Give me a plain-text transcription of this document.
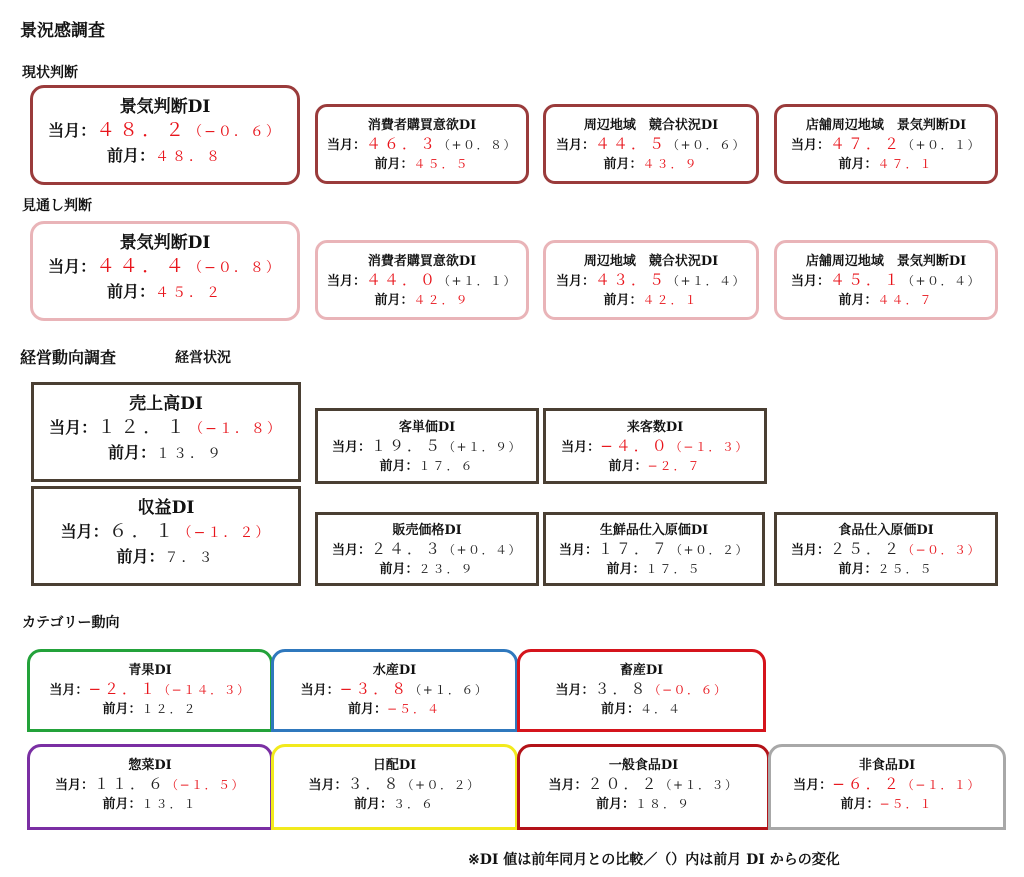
景況感調査
現状判断
見通し判断
経営動向調査	経営状況
カテゴリー動向
景気判断DI
当月：４８．２（−０．６）
前月：４８．８
消費者購買意欲DI
当月：４６．３（+０．８）
前月：４５．５
周辺地域　競合状況DI
当月：４４．５（+０．６）
前月：４３．９
店舗周辺地域　景気判断DI
当月：４７．２（+０．１）
前月：４７．１
景気判断DI
当月：４４．４（−０．８）
前月：４５．２
消費者購買意欲DI
当月：４４．０（+１．１）
前月：４２．９
周辺地域　競合状況DI
当月：４３．５（+１．４）
前月：４２．１
店舗周辺地域　景気判断DI
当月：４５．１（+０．４）
前月：４４．７
売上高DI
当月：１２．１（−１．８）
前月：１３．９
客単価DI
当月：１９．５（+１．９）
前月：１７．６
来客数DI
当月：−４．０（−１．３）
前月：−２．７
収益DI
当月：６．１（−１．２）
前月：７．３
販売価格DI
当月：２４．３（+０．４）
前月：２３．９
生鮮品仕入原価DI
当月：１７．７（+０．２）
前月：１７．５
食品仕入原価DI
当月：２５．２（−０．３）
前月：２５．５
青果DI
当月：−２．１（−１４．３）
前月：１２．２
水産DI
当月：−３．８（+１．６）
前月：−５．４
畜産DI
当月：３．８（−０．６）
前月：４．４
惣菜DI
当月：１１．６（−１．５）
前月：１３．１
日配DI
当月：３．８（+０．２）
前月：３．６
一般食品DI
当月：２０．２（+１．３）
前月：１８．９
非食品DI
当月：−６．２（−１．１）
前月：−５．１
※DI 値は前年同月との比較／（）内は前月 DI からの変化
